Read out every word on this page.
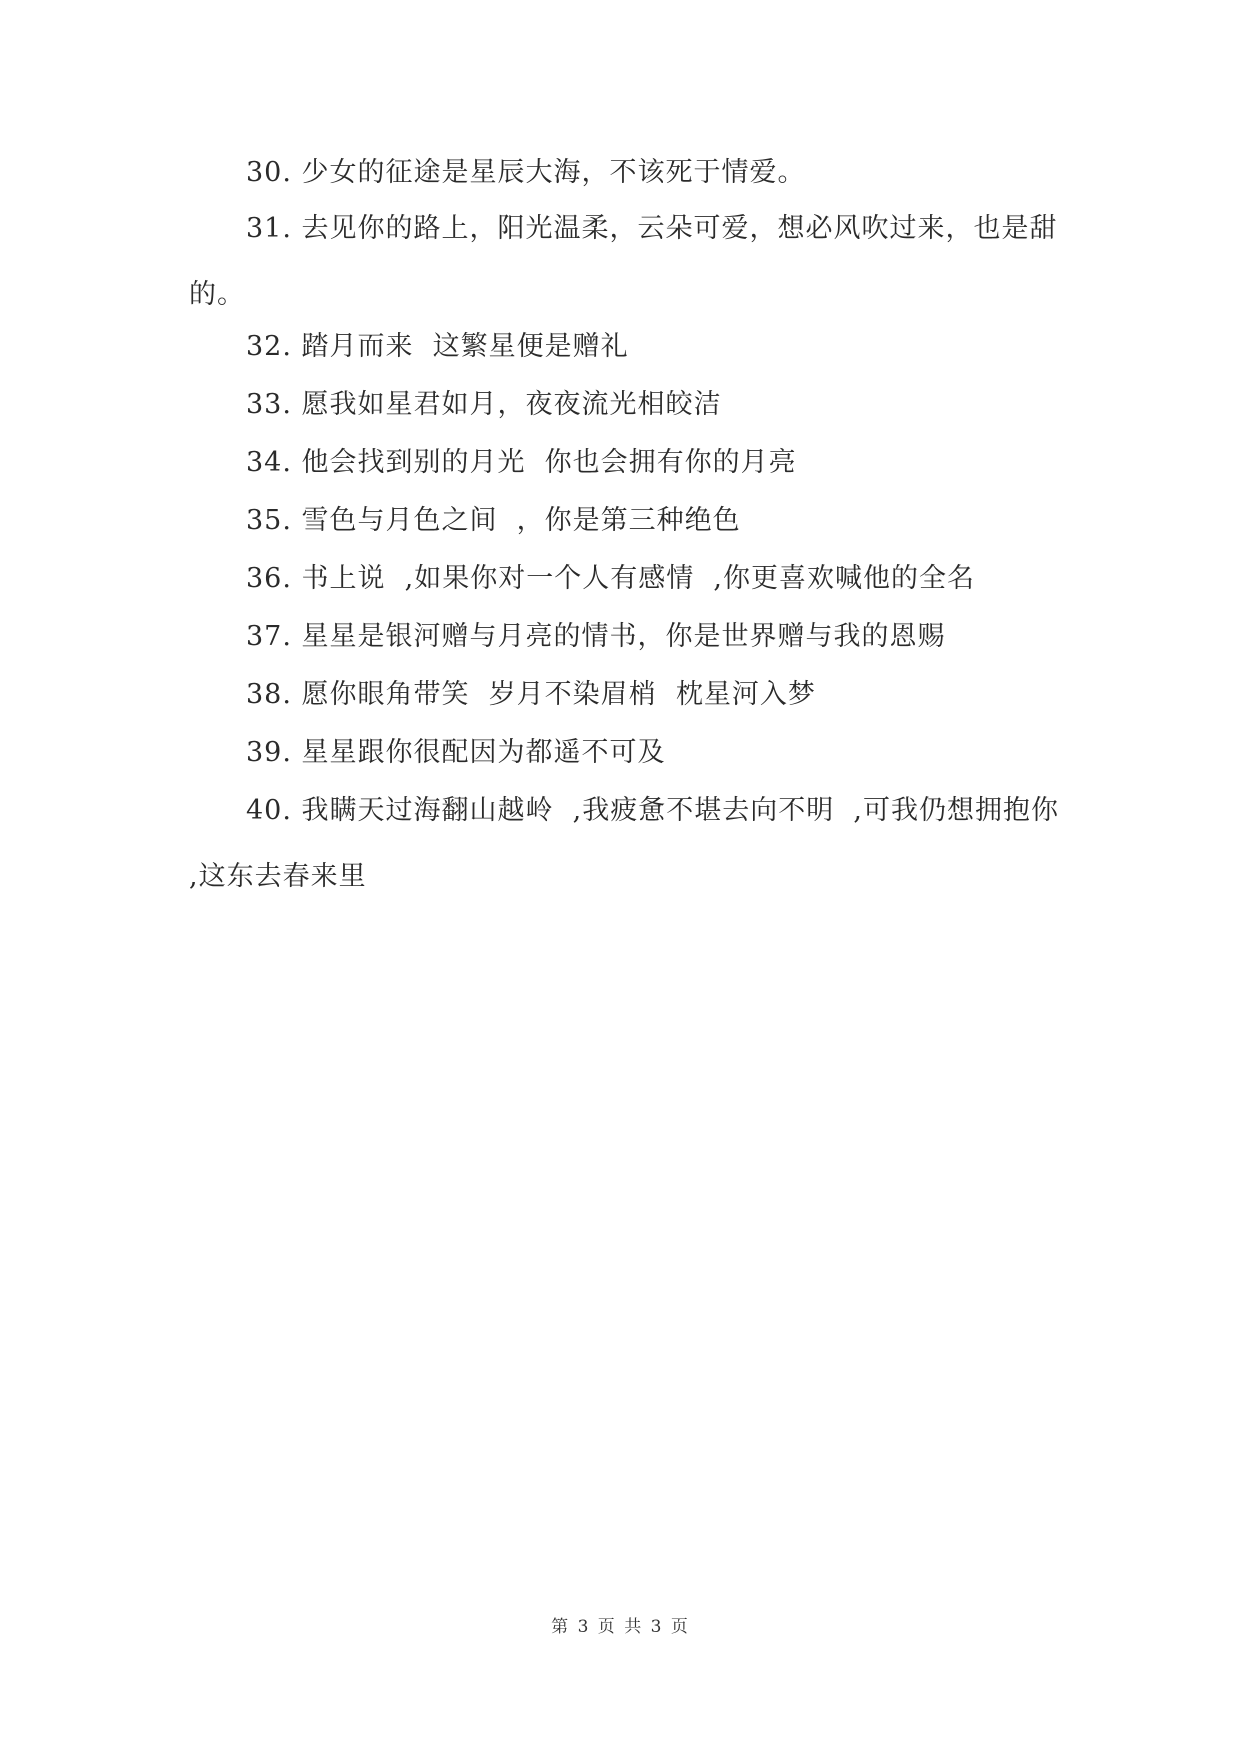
30. 少女的征途是星辰大海，不该死于情爱。

31. 去见你的路上，阳光温柔，云朵可爱，想必风吹过来，也是甜的。

32. 踏月而来  这繁星便是赠礼

33. 愿我如星君如月，夜夜流光相皎洁

34. 他会找到别的月光  你也会拥有你的月亮

35. 雪色与月色之间  ，你是第三种绝色

36. 书上说  ,如果你对一个人有感情  ,你更喜欢喊他的全名

37. 星星是银河赠与月亮的情书，你是世界赠与我的恩赐

38. 愿你眼角带笑  岁月不染眉梢  枕星河入梦

39. 星星跟你很配因为都遥不可及

40. 我瞒天过海翻山越岭  ,我疲惫不堪去向不明  ,可我仍想拥抱你  ,这东去春来里

第 3 页 共 3 页
